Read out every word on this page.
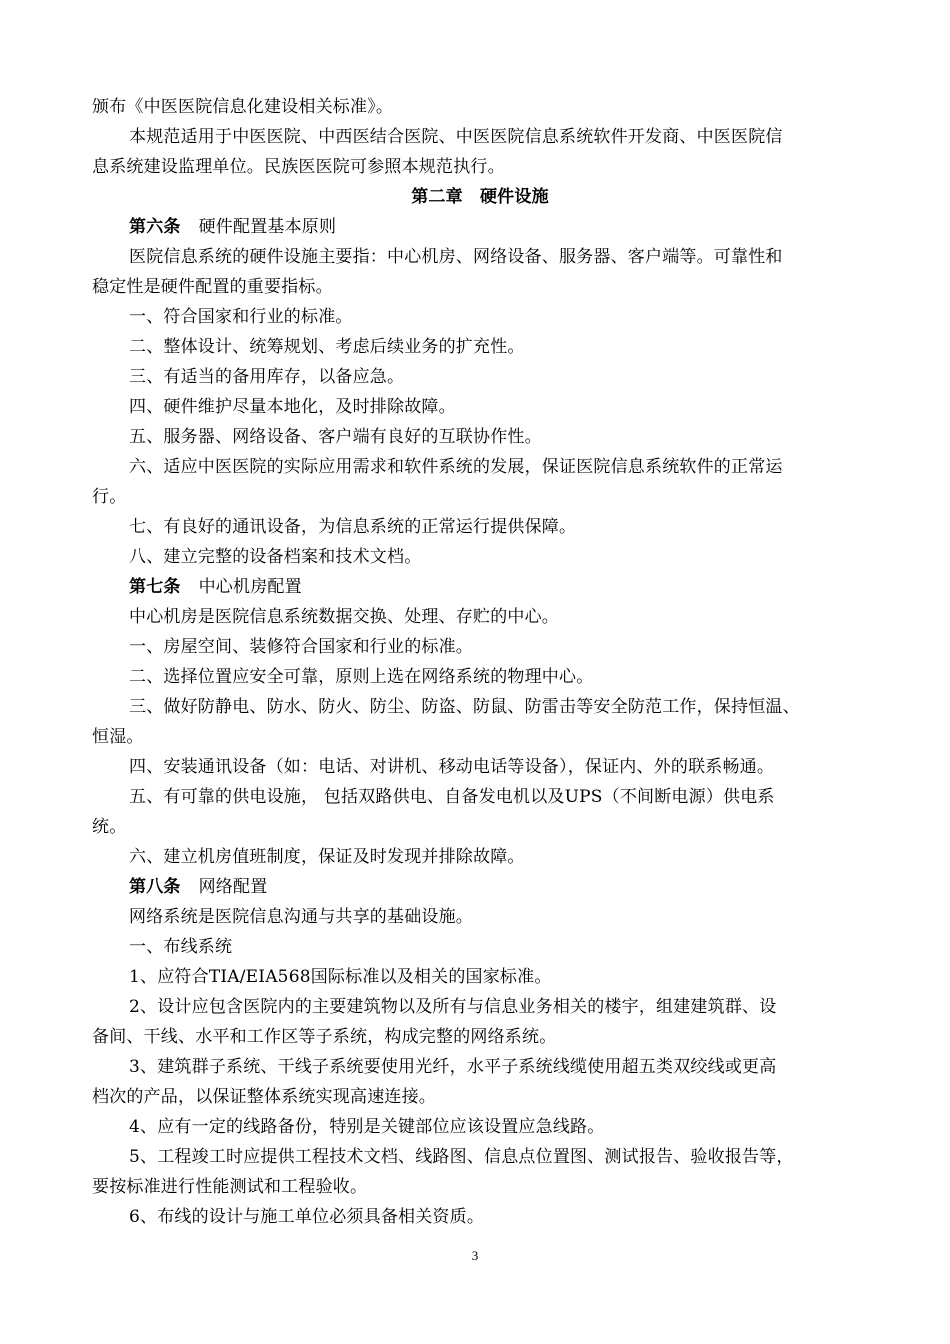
颁布《中医医院信息化建设相关标准》。
本规范适用于中医医院、中西医结合医院、中医医院信息系统软件开发商、中医医院信
息系统建设监理单位。民族医医院可参照本规范执行。
第二章　硬件设施
第六条 硬件配置基本原则
医院信息系统的硬件设施主要指：中心机房、网络设备、服务器、客户端等。可靠性和
稳定性是硬件配置的重要指标。
一、符合国家和行业的标准。
二、整体设计、统筹规划、考虑后续业务的扩充性。
三、有适当的备用库存，以备应急。
四、硬件维护尽量本地化，及时排除故障。
五、服务器、网络设备、客户端有良好的互联协作性。
六、适应中医医院的实际应用需求和软件系统的发展，保证医院信息系统软件的正常运
行。
七、有良好的通讯设备，为信息系统的正常运行提供保障。
八、建立完整的设备档案和技术文档。
第七条 中心机房配置
中心机房是医院信息系统数据交换、处理、存贮的中心。
一、房屋空间、装修符合国家和行业的标准。
二、选择位置应安全可靠，原则上选在网络系统的物理中心。
三、做好防静电、防水、防火、防尘、防盗、防鼠、防雷击等安全防范工作，保持恒温、
恒湿。
四、安装通讯设备（如：电话、对讲机、移动电话等设备），保证内、外的联系畅通。
五、有可靠的供电设施， 包括双路供电、自备发电机以及UPS（不间断电源）供电系
统。
六、建立机房值班制度，保证及时发现并排除故障。
第八条 网络配置
网络系统是医院信息沟通与共享的基础设施。
一、布线系统
1、应符合TIA/EIA568国际标准以及相关的国家标准。
2、设计应包含医院内的主要建筑物以及所有与信息业务相关的楼宇，组建建筑群、设
备间、干线、水平和工作区等子系统，构成完整的网络系统。
3、建筑群子系统、干线子系统要使用光纤，水平子系统线缆使用超五类双绞线或更高
档次的产品，以保证整体系统实现高速连接。
4、应有一定的线路备份，特别是关键部位应该设置应急线路。
5、工程竣工时应提供工程技术文档、线路图、信息点位置图、测试报告、验收报告等，
要按标准进行性能测试和工程验收。
6、布线的设计与施工单位必须具备相关资质。
3
